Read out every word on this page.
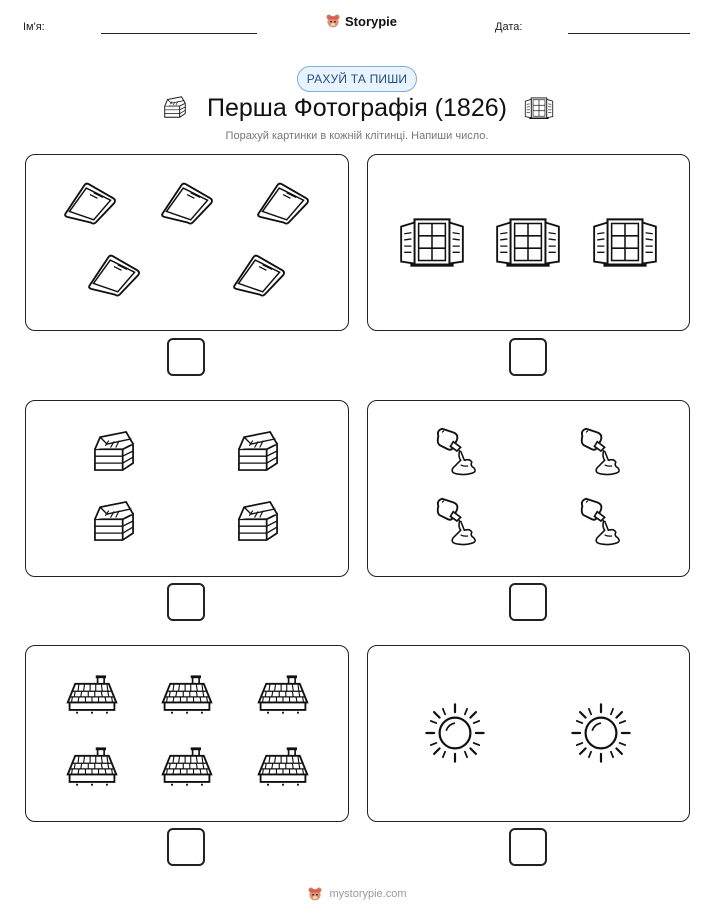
Ім'я:	Storypie	Дата:
РАХУЙ ТА ПИШИ
Перша Фотографія (1826)
Порахуй картинки в кожній клітинці. Напиши число.
mystorypie.com
